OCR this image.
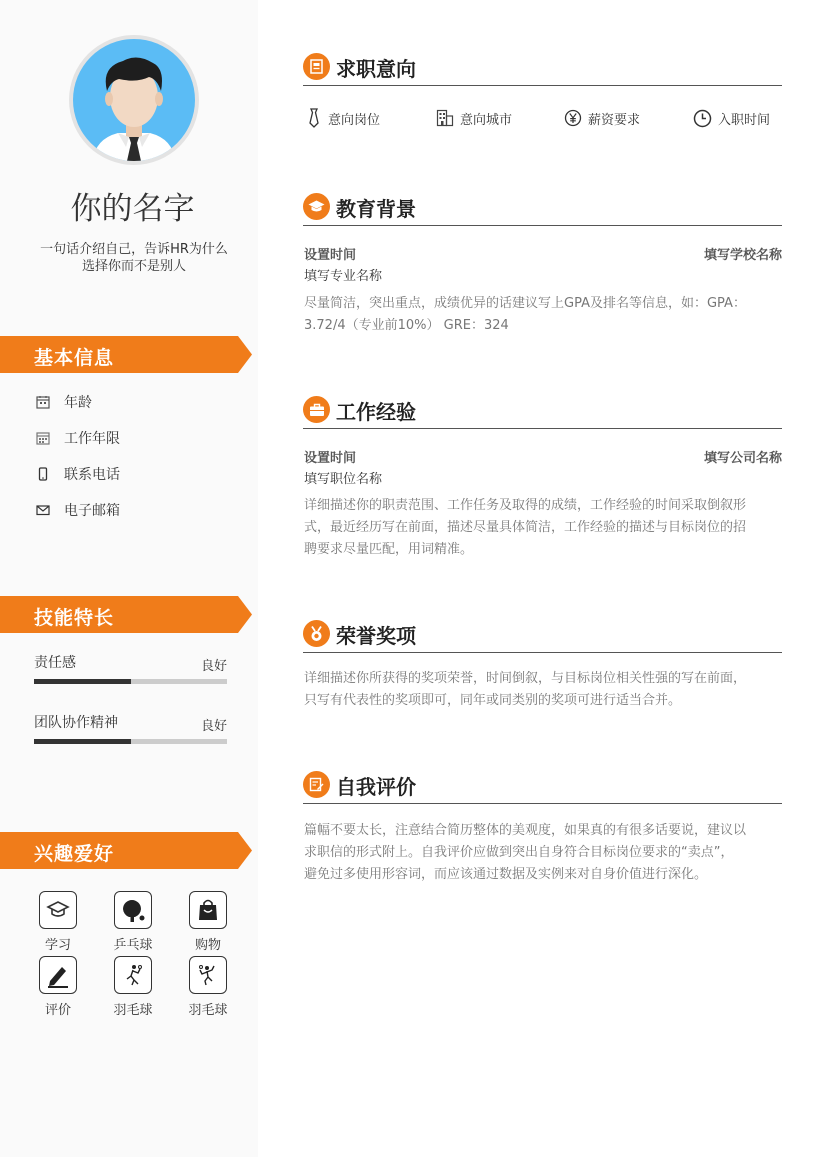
你的名字
一句话介绍自己，告诉HR为什么选择你而不是别人
基本信息
年龄
工作年限
联系电话
电子邮箱
技能特长
责任感	良好
团队协作精神	良好
兴趣爱好
学习	乒乓球	购物
评价	羽毛球	羽毛球
求职意向
意向岗位	意向城市	薪资要求	入职时间
教育背景
设置时间	填写学校名称
填写专业名称
尽量简洁，突出重点，成绩优异的话建议写上GPA及排名等信息，如：GPA：
3.72/4（专业前10%） GRE：324
工作经验
设置时间	填写公司名称
填写职位名称
详细描述你的职责范围、工作任务及取得的成绩，工作经验的时间采取倒叙形
式，最近经历写在前面，描述尽量具体简洁，工作经验的描述与目标岗位的招
聘要求尽量匹配，用词精准。
荣誉奖项
详细描述你所获得的奖项荣誉，时间倒叙，与目标岗位相关性强的写在前面，
只写有代表性的奖项即可，同年或同类别的奖项可进行适当合并。
自我评价
篇幅不要太长，注意结合简历整体的美观度，如果真的有很多话要说，建议以
求职信的形式附上。自我评价应做到突出自身符合目标岗位要求的“卖点”，
避免过多使用形容词，而应该通过数据及实例来对自身价值进行深化。
